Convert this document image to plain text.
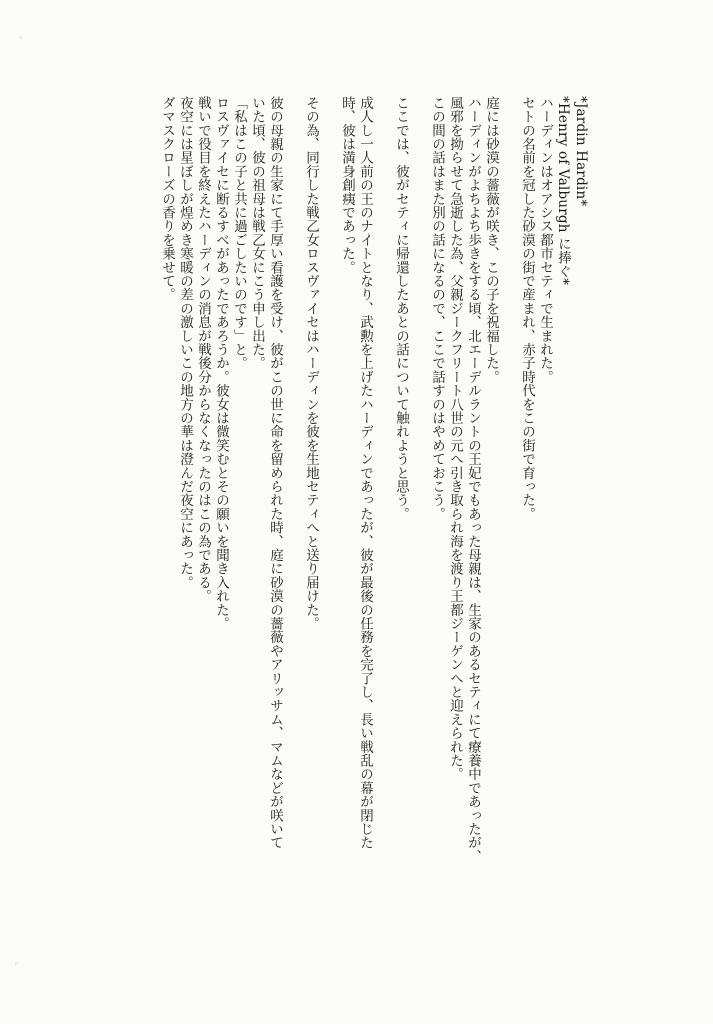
◦
◦
*Jardin Hardin*
*Henry of Valburgh に捧ぐ*
ハーディンはオアシス都市セティで生まれた。
セトの名前を冠した砂漠の街で産まれ、赤子時代をこの街で育った。
庭には砂漠の薔薇が咲き、この子を祝福した。
ハーディンがよちよち歩きをする頃、北エーデルラントの王妃でもあった母親は、生家のあるセティにて療養中であったが、
風邪を拗らせて急逝した為、父親ジークフリート八世の元へ引き取られ海を渡り王都ジーゲンへと迎えられた。
この間の話はまた別の話になるので、ここで話すのはやめておこう。
ここでは、彼がセティに帰還したあとの話について触れようと思う。
成人し一人前の王のナイトとなり、武勲を上げたハーディンであったが、彼が最後の任務を完了し、長い戦乱の幕が閉じた
時、彼は満身創痍であった。
その為、同行した戦乙女ロスヴァイセはハーディンを彼を生地セティへと送り届けた。
彼の母親の生家にて手厚い看護を受け、彼がこの世に命を留められた時、庭に砂漠の薔薇やアリッサム、マムなどが咲いて
いた頃、彼の祖母は戦乙女にこう申し出た。
「私はこの子と共に過ごしたいのです」と。
ロスヴァイセに断るすべがあったであろうか。彼女は微笑むとその願いを聞き入れた。
戦いで役目を終えたハーディンの消息が戦後分からなくなったのはこの為である。
夜空には星ぼしが煌めき寒暖の差の激しいこの地方の華は澄んだ夜空にあった。
ダマスクローズの香りを乗せて。
